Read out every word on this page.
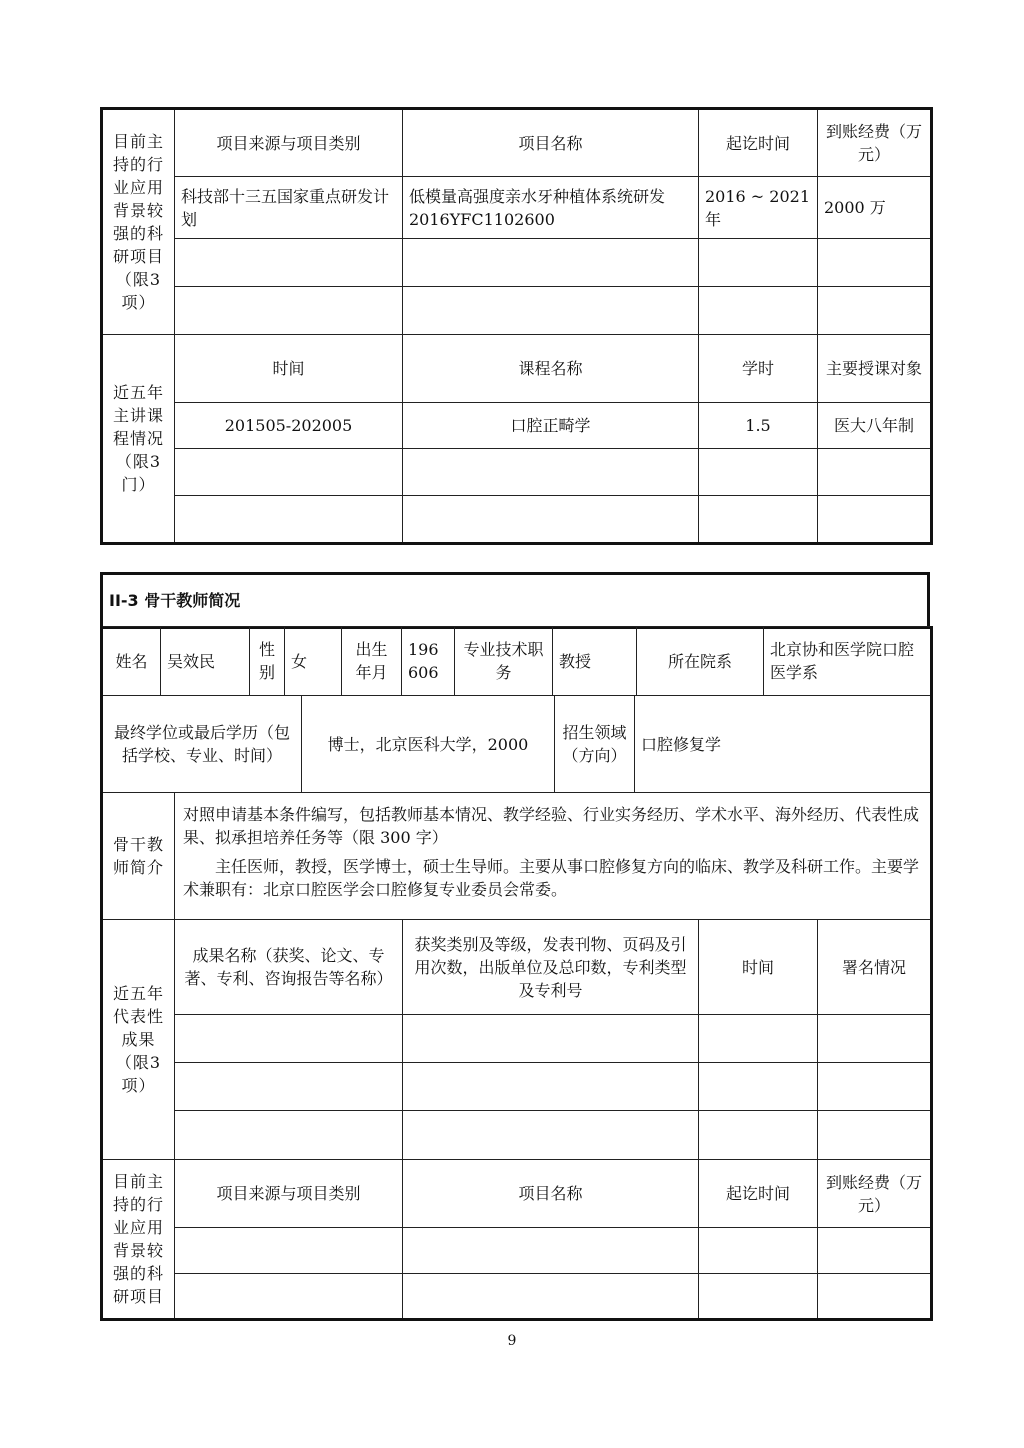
目前主持的行业应用背景较强的科研项目（限3项）	项目来源与项目类别	项目名称	起讫时间	到账经费（万元）
	科技部十三五国家重点研发计划	低模量高强度亲水牙种植体系统研发 2016YFC1102600	2016 ~ 2021 年	2000 万

近五年主讲课程情况（限3门）	时间	课程名称	学时	主要授课对象
	201505-202005	口腔正畸学	1.5	医大八年制

II-3 骨干教师简况
姓名	吴效民	性别	女	出生年月	196606	专业技术职　务	教授	所在院系	北京协和医学院口腔医学系
最终学位或最后学历（包括学校、专业、时间）	博士，北京医科大学，2000	招生领域（方向）	口腔修复学
骨干教师简介	

对照申请基本条件编写，包括教师基本情况、教学经验、行业实务经历、学术水平、海外经历、代表性成果、拟承担培养任务等（限 300 字）

主任医师，教授，医学博士，硕士生导师。主要从事口腔修复方向的临床、教学及科研工作。主要学术兼职有：北京口腔医学会口腔修复专业委员会常委。

近五年代表性成果（限3项）	成果名称（获奖、论文、专著、专利、咨询报告等名称）	获奖类别及等级，发表刊物、页码及引用次数，出版单位及总印数，专利类型及专利号	时间	署名情况

目前主持的行业应用背景较强的科研项目	项目来源与项目类别	项目名称	起讫时间	到账经费（万元）

9
